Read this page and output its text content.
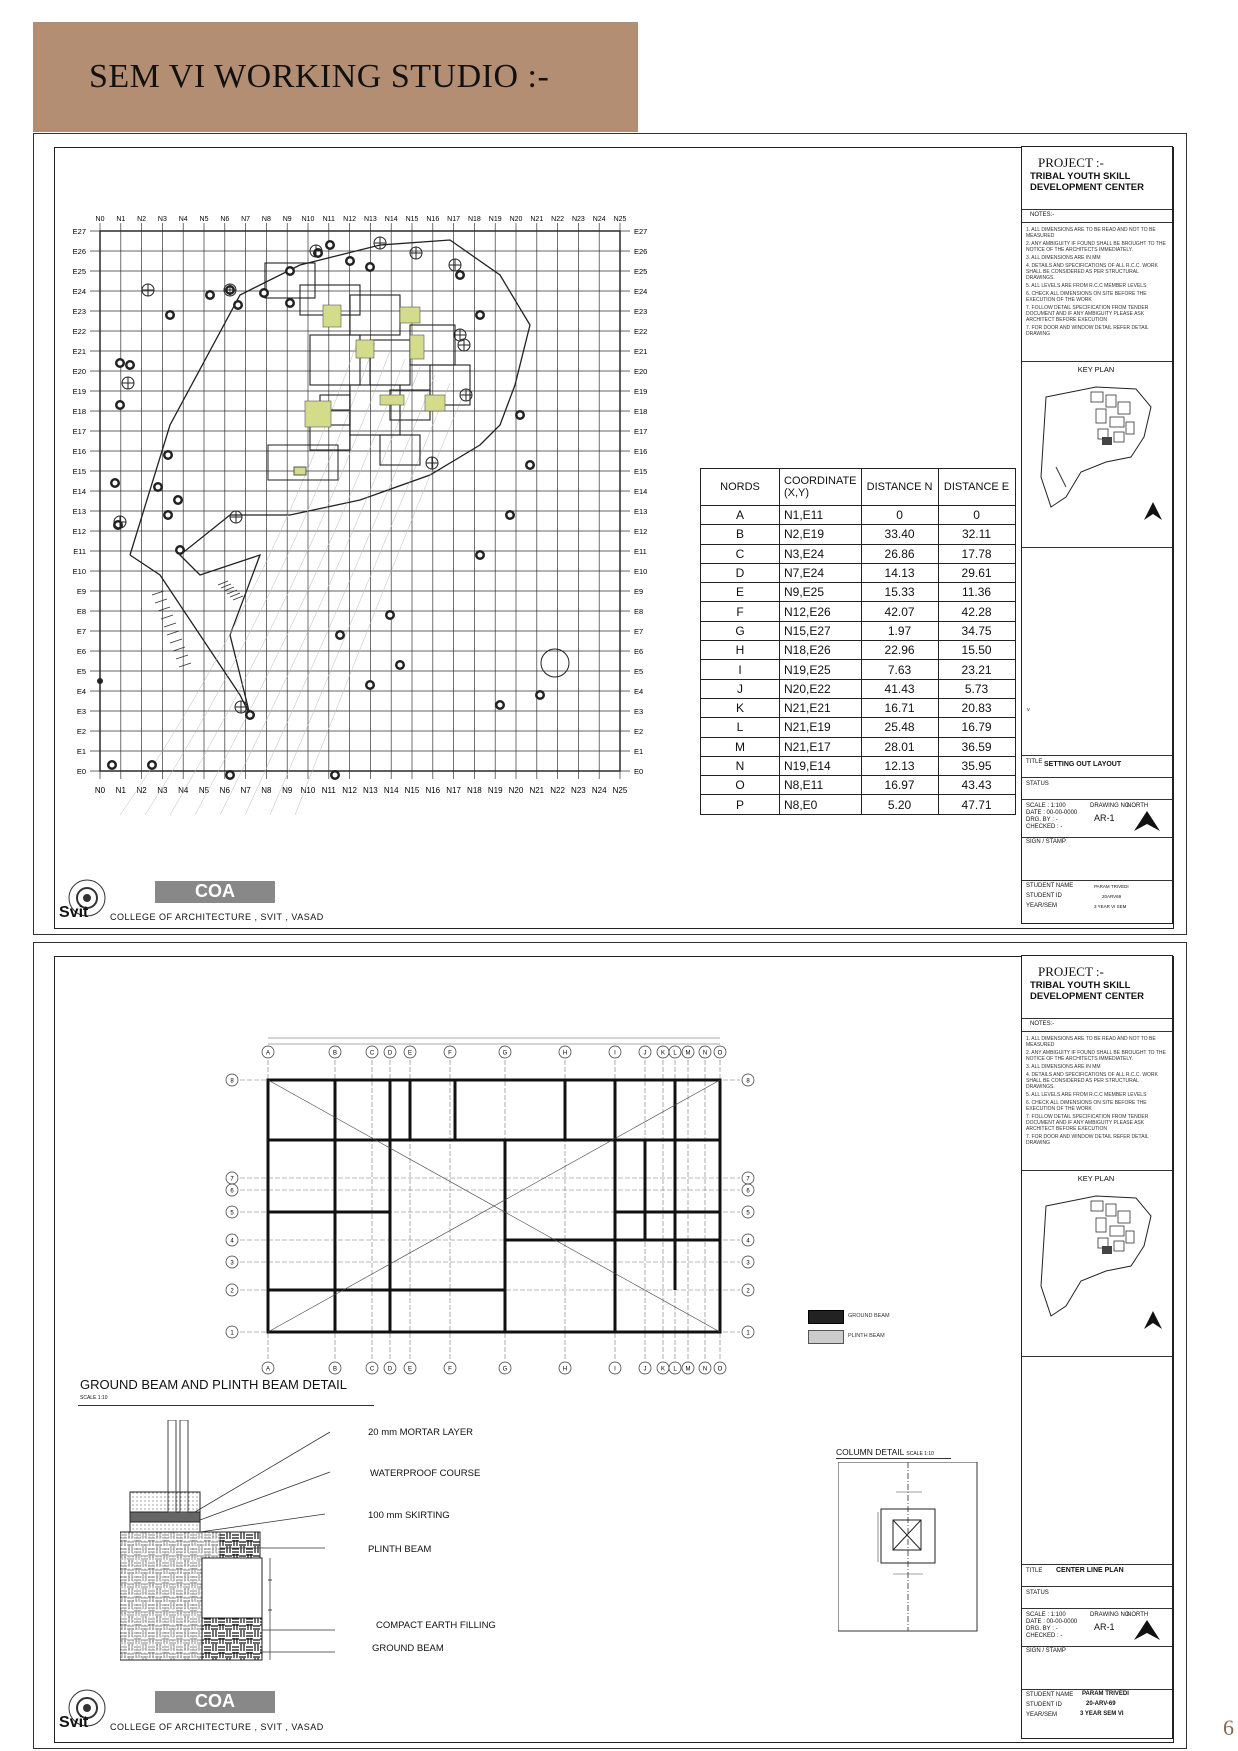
SEM VI WORKING STUDIO :-
N0
N0
N1
N1
N2
N2
N3
N3
N4
N4
N5
N5
N6
N6
N7
N7
N8
N8
N9
N9
N10
N10
N11
N11
N12
N12
N13
N13
N14
N14
N15
N15
N16
N16
N17
N17
N18
N18
N19
N19
N20
N20
N21
N21
N22
N22
N23
N23
N24
N24
N25
N25
E27	E27
E26	E26
E25	E25
E24	E24
E23	E23
E22	E22
E21	E21
E20	E20
E19	E19
E18	E18
E17	E17
E16	E16
E15	E15
E14	E14
E13	E13
E12	E12
E11	E11
E10	E10
E9	E9
E8	E8
E7	E7
E6	E6
E5	E5
E4	E4
E3	E3
E2	E2
E1	E1
E0	E0
NORDS	COORDINATE (X,Y)	DISTANCE N	DISTANCE E
A	N1,E11	0	0
B	N2,E19	33.40	32.11
C	N3,E24	26.86	17.78
D	N7,E24	14.13	29.61
E	N9,E25	15.33	11.36
F	N12,E26	42.07	42.28
G	N15,E27	1.97	34.75
H	N18,E26	22.96	15.50
I	N19,E25	7.63	23.21
J	N20,E22	41.43	5.73
K	N21,E21	16.71	20.83
L	N21,E19	25.48	16.79
M	N21,E17	28.01	36.59
N	N19,E14	12.13	35.95
O	N8,E11	16.97	43.43
P	N8,E0	5.20	47.71
PROJECT :-
TRIBAL YOUTH SKILL DEVELOPMENT CENTER
NOTES:-
1. ALL DIMENSIONS ARE TO BE READ AND NOT TO BE MEASURED
2. ANY AMBIGUITY IF FOUND SHALL BE BROUGHT TO THE NOTICE OF THE ARCHITECTS IMMEDIATELY.
3. ALL DIMENSIONS ARE IN MM
4. DETAILS AND SPECIFICATIONS OF ALL R.C.C. WORK SHALL BE CONSIDERED AS PER STRUCTURAL DRAWINGS.
5. ALL LEVELS ARE FROM R.C.C MEMBER LEVELS
6. CHECK ALL DIMENSIONS ON SITE BEFORE THE EXECUTION OF THE WORK
7. FOLLOW DETAIL SPECIFICATION FROM TENDER DOCUMENT AND IF ANY AMBIGUITY PLEASE ASK ARCHITECT BEFORE EXECUTION
7. FOR DOOR AND WINDOW DETAIL REFER DETAIL DRAWING
KEY PLAN
v
TITLE SETTING OUT LAYOUT
STATUS
SCALE : 1:100
DATE : 00-00-0000
DRG. BY : -
CHECKED : -
DRAWING NO
NORTH
AR-1
SIGN / STAMP
STUDENT NAME	PARAM TRIVEDI
STUDENT ID	20ARV69
YEAR/SEM	3 YEAR VI SEM
Svit
COA
COLLEGE OF ARCHITECTURE , SVIT , VASAD
A
A
B
B
C
C
D
D
E
E
F
F
G
G
H
H
I
I
J
J
K
K
L
L
M
M
N
N
O
O
8	8
7	7
6	6
5	5
4	4
3	3
2	2
1	1
GROUND BEAM
PLINTH BEAM
GROUND BEAM AND PLINTH BEAM DETAIL
SCALE 1:10
20 mm MORTAR LAYER
WATERPROOF COURSE
100 mm SKIRTING
PLINTH BEAM
COMPACT EARTH FILLING
GROUND BEAM
COLUMN DETAIL SCALE 1:10
PROJECT :-
TRIBAL YOUTH SKILL DEVELOPMENT CENTER
NOTES:-
1. ALL DIMENSIONS ARE TO BE READ AND NOT TO BE MEASURED
2. ANY AMBIGUITY IF FOUND SHALL BE BROUGHT TO THE NOTICE OF THE ARCHITECTS IMMEDIATELY.
3. ALL DIMENSIONS ARE IN MM
4. DETAILS AND SPECIFICATIONS OF ALL R.C.C. WORK SHALL BE CONSIDERED AS PER STRUCTURAL DRAWINGS.
5. ALL LEVELS ARE FROM R.C.C MEMBER LEVELS
6. CHECK ALL DIMENSIONS ON SITE BEFORE THE EXECUTION OF THE WORK
7. FOLLOW DETAIL SPECIFICATION FROM TENDER DOCUMENT AND IF ANY AMBIGUITY PLEASE ASK ARCHITECT BEFORE EXECUTION
7. FOR DOOR AND WINDOW DETAIL REFER DETAIL DRAWING
KEY PLAN
TITLE CENTER LINE PLAN
STATUS
SCALE : 1:100
DATE : 00-00-0000
DRG. BY : -
CHECKED : -
DRAWING NO
NORTH
AR-1
SIGN / STAMP
STUDENT NAME PARAM TRIVEDI
STUDENT ID	20-ARV-69
YEAR/SEM	3 YEAR SEM VI
Svit
COA
COLLEGE OF ARCHITECTURE , SVIT , VASAD	6
